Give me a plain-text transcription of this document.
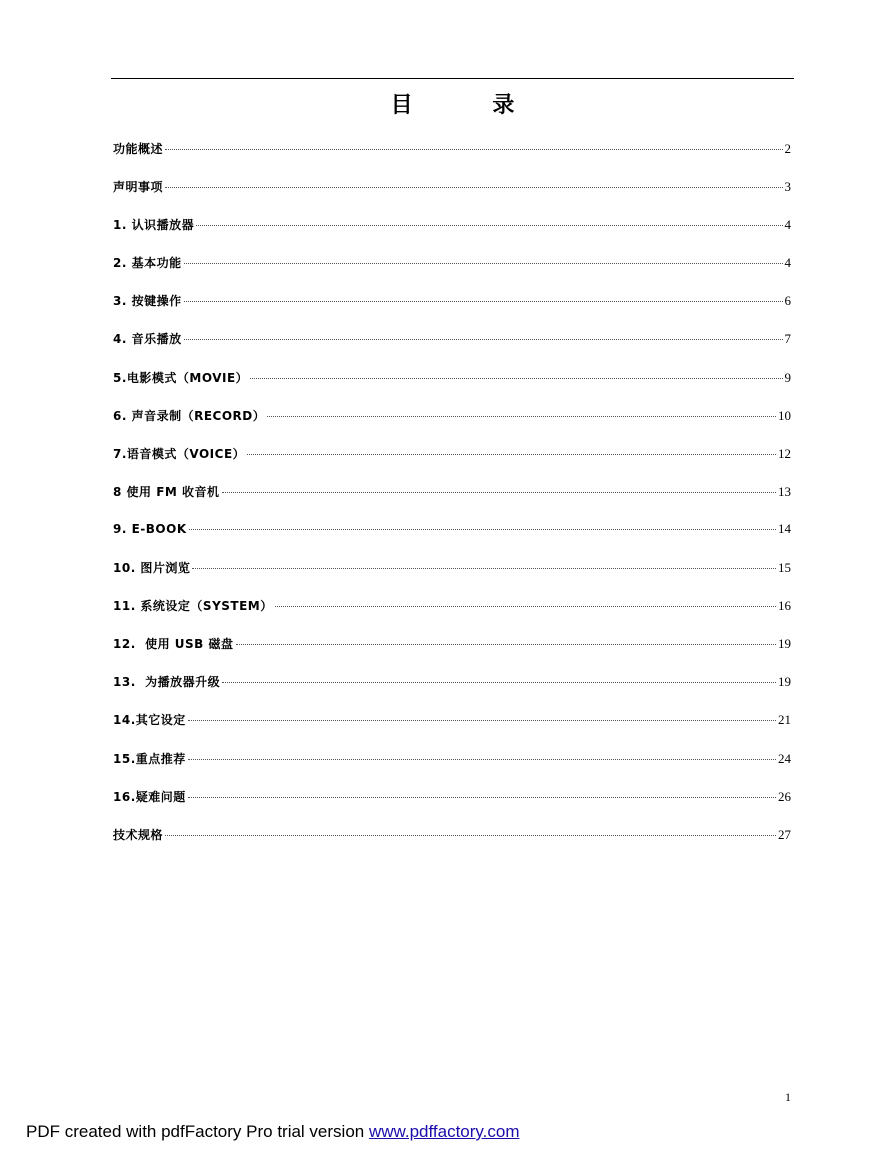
目 录
功能概述	2
声明事项	3
1. 认识播放器	4
2. 基本功能	4
3. 按键操作	6
4. 音乐播放	7
5.电影模式（MOVIE）	9
6. 声音录制（RECORD）	10
7.语音模式（VOICE）	12
8 使用 FM 收音机	13
9. E-BOOK	14
10. 图片浏览	15
11. 系统设定（SYSTEM）	16
12.  使用 USB 磁盘	19
13.  为播放器升级	19
14.其它设定	21
15.重点推荐	24
16.疑难问题	26
技术规格	27
1
PDF created with pdfFactory Pro trial version www.pdffactory.com
